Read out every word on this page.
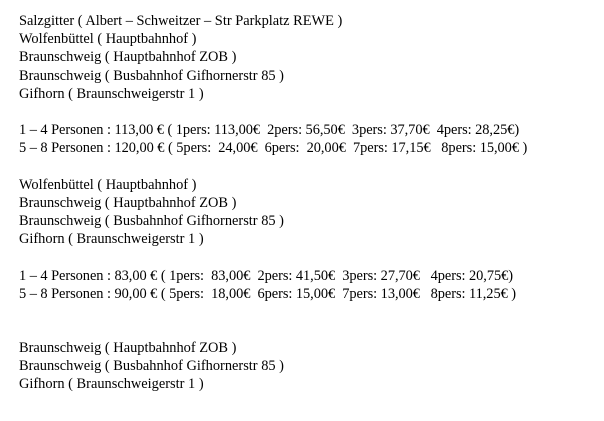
Salzgitter ( Albert – Schweitzer – Str Parkplatz REWE )
Wolfenbüttel ( Hauptbahnhof )
Braunschweig ( Hauptbahnhof ZOB )
Braunschweig ( Busbahnhof Gifhornerstr 85 )
Gifhorn ( Braunschweigerstr 1 )
1 – 4 Personen : 113,00 € ( 1pers: 113,00€  2pers: 56,50€  3pers: 37,70€  4pers: 28,25€)
5 – 8 Personen : 120,00 € ( 5pers:  24,00€  6pers:  20,00€  7pers: 17,15€   8pers: 15,00€ )
Wolfenbüttel ( Hauptbahnhof )
Braunschweig ( Hauptbahnhof ZOB )
Braunschweig ( Busbahnhof Gifhornerstr 85 )
Gifhorn ( Braunschweigerstr 1 )
1 – 4 Personen : 83,00 € ( 1pers:  83,00€  2pers: 41,50€  3pers: 27,70€   4pers: 20,75€)
5 – 8 Personen : 90,00 € ( 5pers:  18,00€  6pers: 15,00€  7pers: 13,00€   8pers: 11,25€ )
Braunschweig ( Hauptbahnhof ZOB )
Braunschweig ( Busbahnhof Gifhornerstr 85 )
Gifhorn ( Braunschweigerstr 1 )
